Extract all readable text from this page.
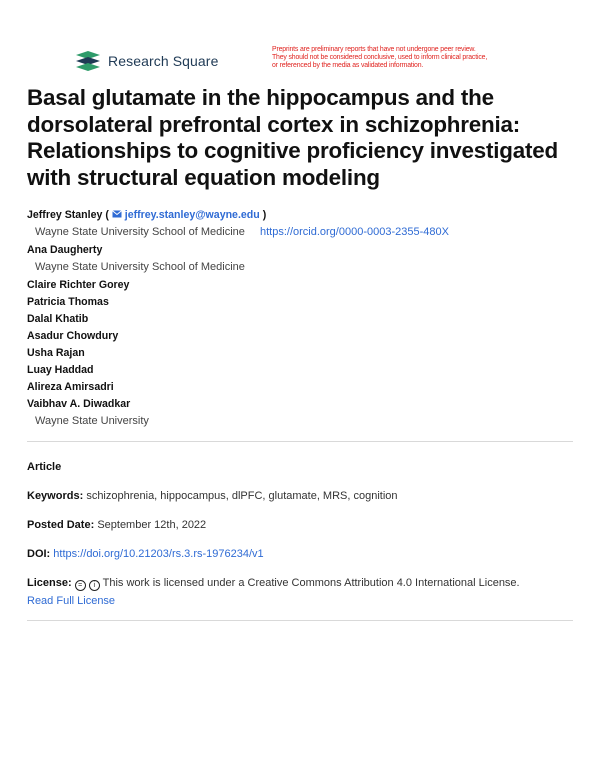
Research Square
Preprints are preliminary reports that have not undergone peer review.
They should not be considered conclusive, used to inform clinical practice,
or referenced by the media as validated information.
Basal glutamate in the hippocampus and the dorsolateral prefrontal cortex in schizophrenia: Relationships to cognitive proficiency investigated with structural equation modeling
Jeffrey Stanley ( jeffrey.stanley@wayne.edu )
Wayne State University School of Medicine https://orcid.org/0000-0003-2355-480X
Ana Daugherty
Wayne State University School of Medicine
Claire Richter Gorey
Patricia Thomas
Dalal Khatib
Asadur Chowdury
Usha Rajan
Luay Haddad
Alireza Amirsadri
Vaibhav A. Diwadkar
Wayne State University
Article
Keywords: schizophrenia, hippocampus, dlPFC, glutamate, MRS, cognition
Posted Date: September 12th, 2022
DOI: https://doi.org/10.21203/rs.3.rs-1976234/v1
License: = i This work is licensed under a Creative Commons Attribution 4.0 International License.
Read Full License
